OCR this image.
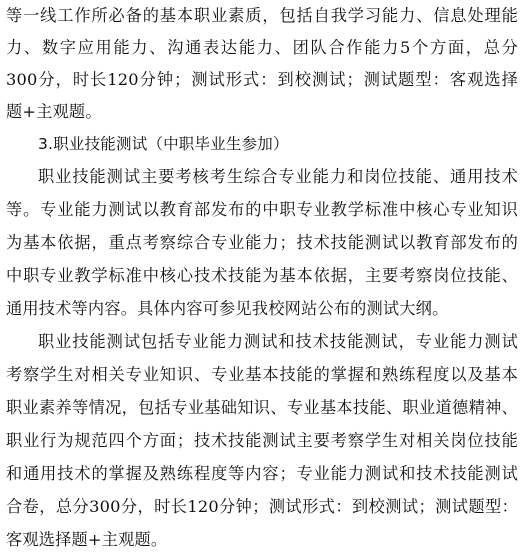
等一线工作所必备的基本职业素质，包括自我学习能力、信息处理能
力、数字应用能力、沟通表达能力、团队合作能力5个方面，总分
300分，时长120分钟；测试形式：到校测试；测试题型：客观选择
题+主观题。
3.职业技能测试（中职毕业生参加）
职业技能测试主要考核考生综合专业能力和岗位技能、通用技术
等。专业能力测试以教育部发布的中职专业教学标准中核心专业知识
为基本依据，重点考察综合专业能力；技术技能测试以教育部发布的
中职专业教学标准中核心技术技能为基本依据，主要考察岗位技能、
通用技术等内容。具体内容可参见我校网站公布的测试大纲。
职业技能测试包括专业能力测试和技术技能测试，专业能力测试
考察学生对相关专业知识、专业基本技能的掌握和熟练程度以及基本
职业素养等情况，包括专业基础知识、专业基本技能、职业道德精神、
职业行为规范四个方面；技术技能测试主要考察学生对相关岗位技能
和通用技术的掌握及熟练程度等内容；专业能力测试和技术技能测试
合卷，总分300分，时长120分钟；测试形式：到校测试；测试题型：
客观选择题+主观题。
